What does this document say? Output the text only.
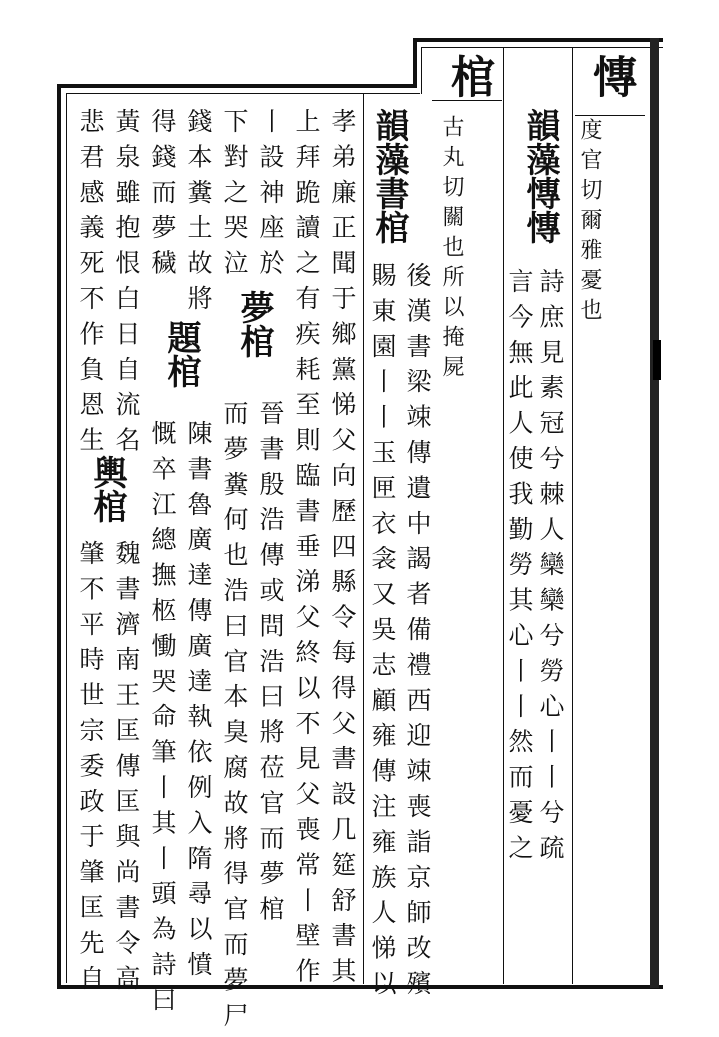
慱
度官切爾雅憂也
棺
古丸切關也所以掩屍 韻藻慱慱
詩庶見素冠兮棘人欒欒兮勞心丨丨兮疏
言今無此人使我勤勞其心丨丨然而憂之
韻藻書棺
後漢書梁竦傳遺中謁者備禮西迎竦喪詣京師改殯
賜東園丨丨玉匣衣衾又吳志顧雍傳注雍族人悌以
孝弟廉正聞于鄉黨悌父向歷四縣令每得父書設几筵舒書其
上拜跪讀之有疾耗至則臨書垂涕父終以不見父喪常丨壁作
丨設神座於
夢棺
晉書殷浩傳或問浩曰將莅官而夢棺
下對之哭泣
而夢糞何也浩曰官本臭腐故將得官而夢尸
錢本糞土故將
題棺
陳書魯廣達傳廣達執依例入隋尋以憤
得錢而夢穢
慨卒江總撫柩慟哭命筆丨其丨頭為詩曰
黃泉雖抱恨白日自流名
悲君感義死不作負恩生
輿棺
魏書濟南王匡傳匡與尚書令高
肇不平時世宗委政于肇匡先自
